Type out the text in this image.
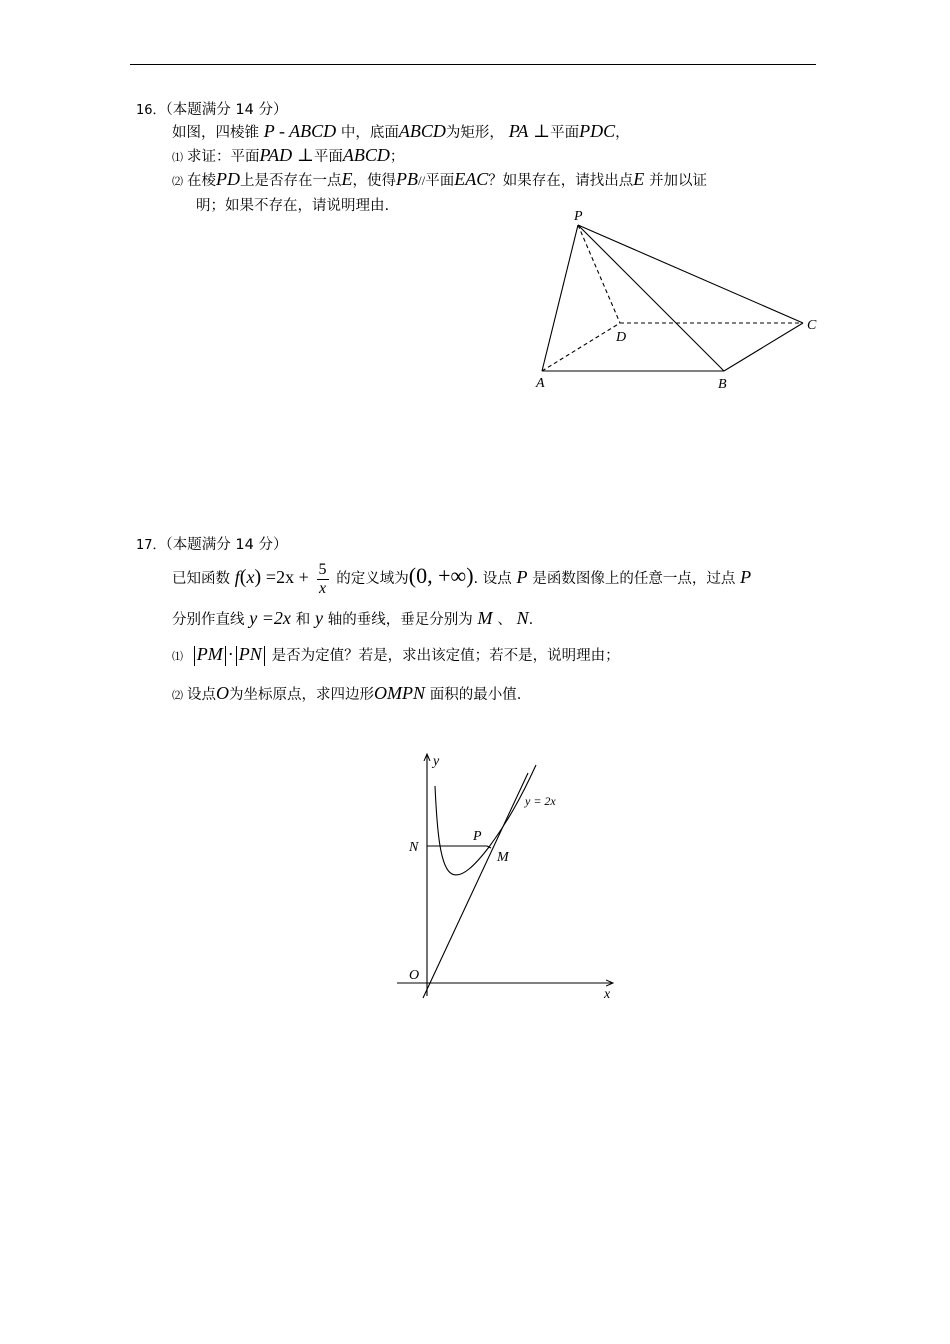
16．（本题满分 14 分）
如图，四棱锥 P - ABCD 中，底面ABCD为矩形， PA ⊥平面PDC，
⑴ 求证：平面PAD ⊥平面ABCD；
⑵ 在棱PD上是否存在一点E，使得PB//平面EAC？如果存在，请找出点E 并加以证
明；如果不存在，请说明理由.
P
A	B
C
D
17．（本题满分 14 分）
已知函数 $f(x) =2x + \frac{5}{x}$ 的定义域为(0, +∞). 设点 P 是函数图像上的任意一点，过点 P
分别作直线 y =2x 和 y 轴的垂线，垂足分别为 M 、 N.
⑴ PM · PN 是否为定值？若是，求出该定值；若不是，说明理由；
⑵ 设点O为坐标原点，求四边形OMPN 面积的最小值.
y
x
O
N
P
M
y = 2x
